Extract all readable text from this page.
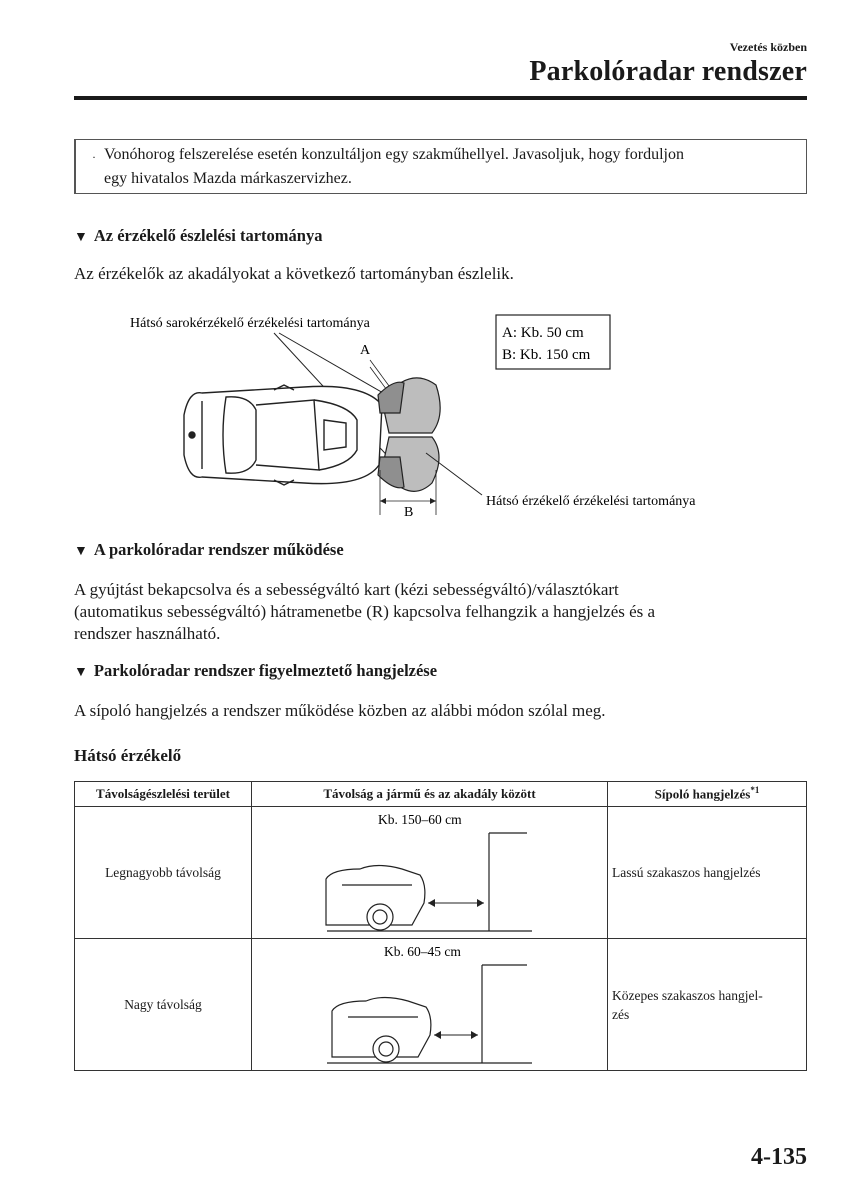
Vezetés közben
Parkolóradar rendszer
· Vonóhorog felszerelése esetén konzultáljon egy szakműhellyel. Javasoljuk, hogy forduljon
egy hivatalos Mazda márkaszervizhez.
▼ Az érzékelő észlelési tartománya
Az érzékelők az akadályokat a következő tartományban észlelik.
A: Kb. 50 cm
B: Kb. 150 cm
Hátsó sarokérzékelő érzékelési tartománya
A
Hátsó érzékelő érzékelési tartománya
B
▼ A parkolóradar rendszer működése
A gyújtást bekapcsolva és a sebességváltó kart (kézi sebességváltó)/választókart
(automatikus sebességváltó) hátramenetbe (R) kapcsolva felhangzik a hangjelzés és a
rendszer használható.
▼ Parkolóradar rendszer figyelmeztető hangjelzése
A sípoló hangjelzés a rendszer működése közben az alábbi módon szólal meg.
Hátsó érzékelő
Távolságészlelési terület	Távolság a jármű és az akadály között	Sípoló hangjelzés$^{*1}$
Legnagyobb távolság	Kb. 150–60 cm	Lassú szakaszos hangjelzés

Nagy távolság	Kb. 60–45 cm	Közepes szakaszos hangjel-
zés
4-135
